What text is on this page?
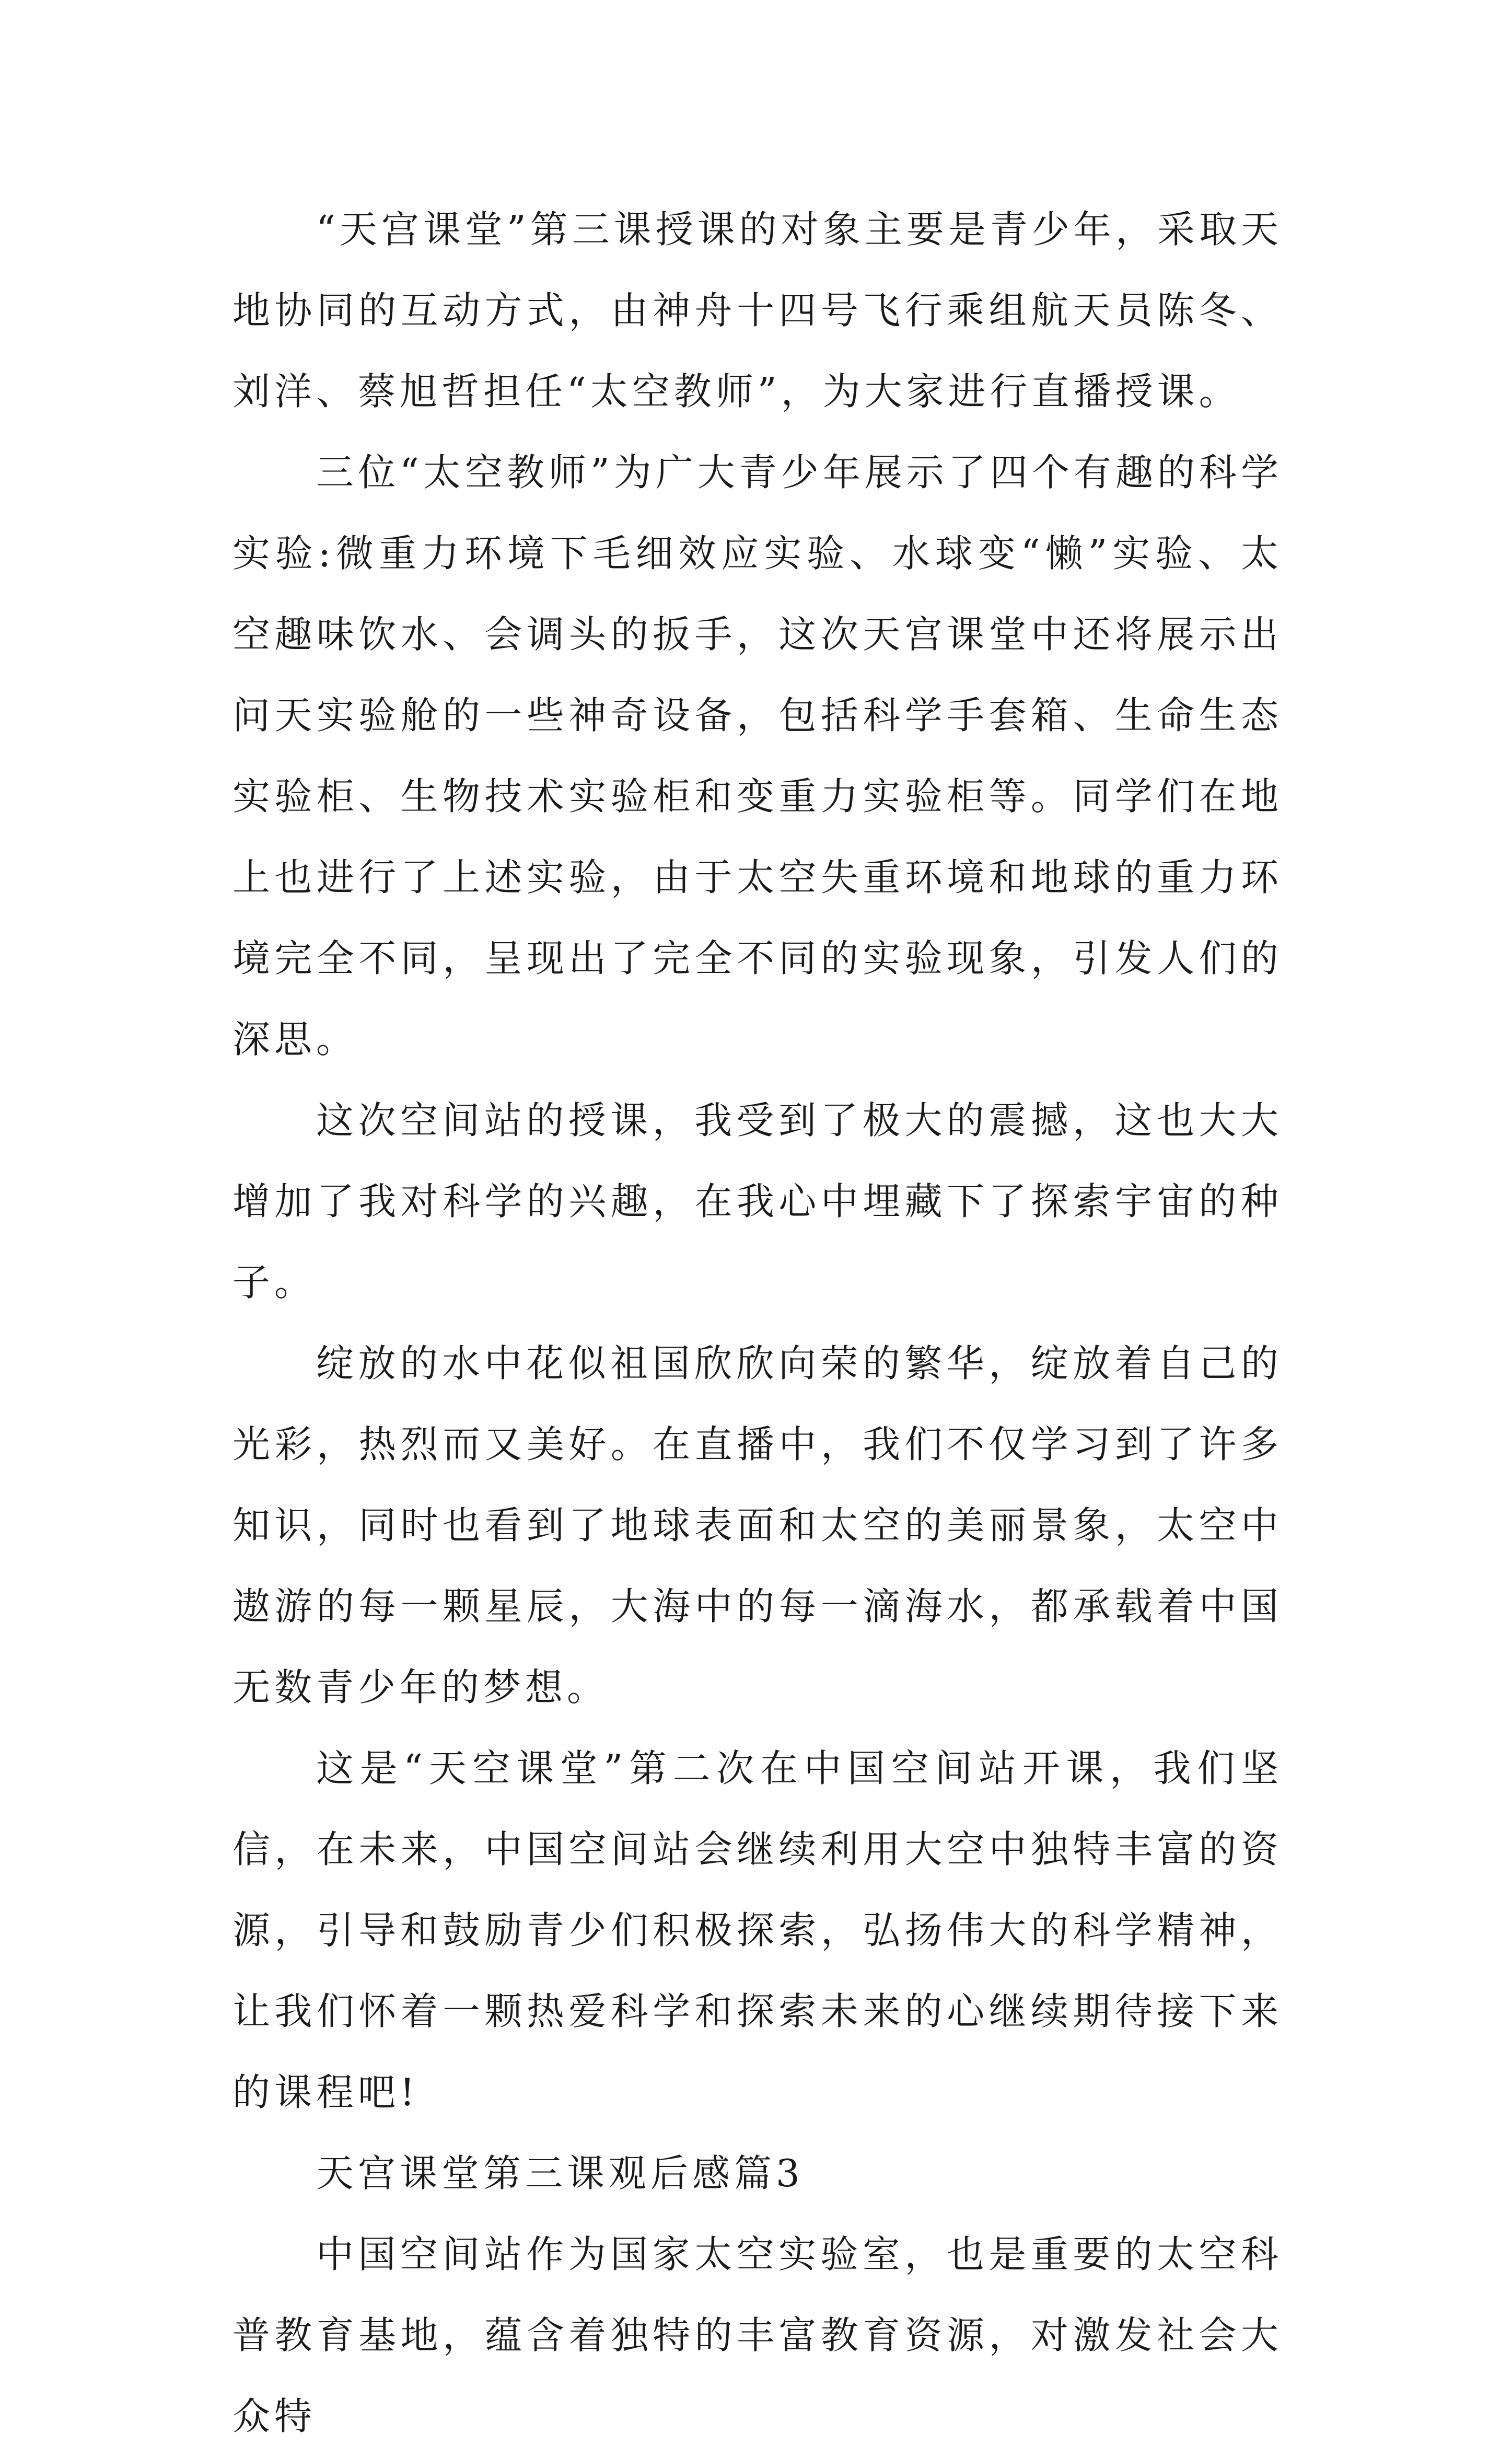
“天宫课堂”第三课授课的对象主要是青少年，采取天地协同的互动方式，由神舟十四号飞行乘组航天员陈冬、刘洋、蔡旭哲担任“太空教师”，为大家进行直播授课。

三位“太空教师”为广大青少年展示了四个有趣的科学实验:微重力环境下毛细效应实验、水球变“懒”实验、太空趣味饮水、会调头的扳手，这次天宫课堂中还将展示出问天实验舱的一些神奇设备，包括科学手套箱、生命生态实验柜、生物技术实验柜和变重力实验柜等。同学们在地上也进行了上述实验，由于太空失重环境和地球的重力环境完全不同，呈现出了完全不同的实验现象，引发人们的深思。

这次空间站的授课，我受到了极大的震撼，这也大大增加了我对科学的兴趣，在我心中埋藏下了探索宇宙的种子。

绽放的水中花似祖国欣欣向荣的繁华，绽放着自己的光彩，热烈而又美好。在直播中，我们不仅学习到了许多知识，同时也看到了地球表面和太空的美丽景象，太空中遨游的每一颗星辰，大海中的每一滴海水，都承载着中国无数青少年的梦想。

这是“天空课堂”第二次在中国空间站开课，我们坚信，在未来，中国空间站会继续利用大空中独特丰富的资源，引导和鼓励青少们积极探索，弘扬伟大的科学精神，让我们怀着一颗热爱科学和探索未来的心继续期待接下来的课程吧!

天宫课堂第三课观后感篇3

中国空间站作为国家太空实验室，也是重要的太空科普教育基地，蕴含着独特的丰富教育资源，对激发社会大众特
